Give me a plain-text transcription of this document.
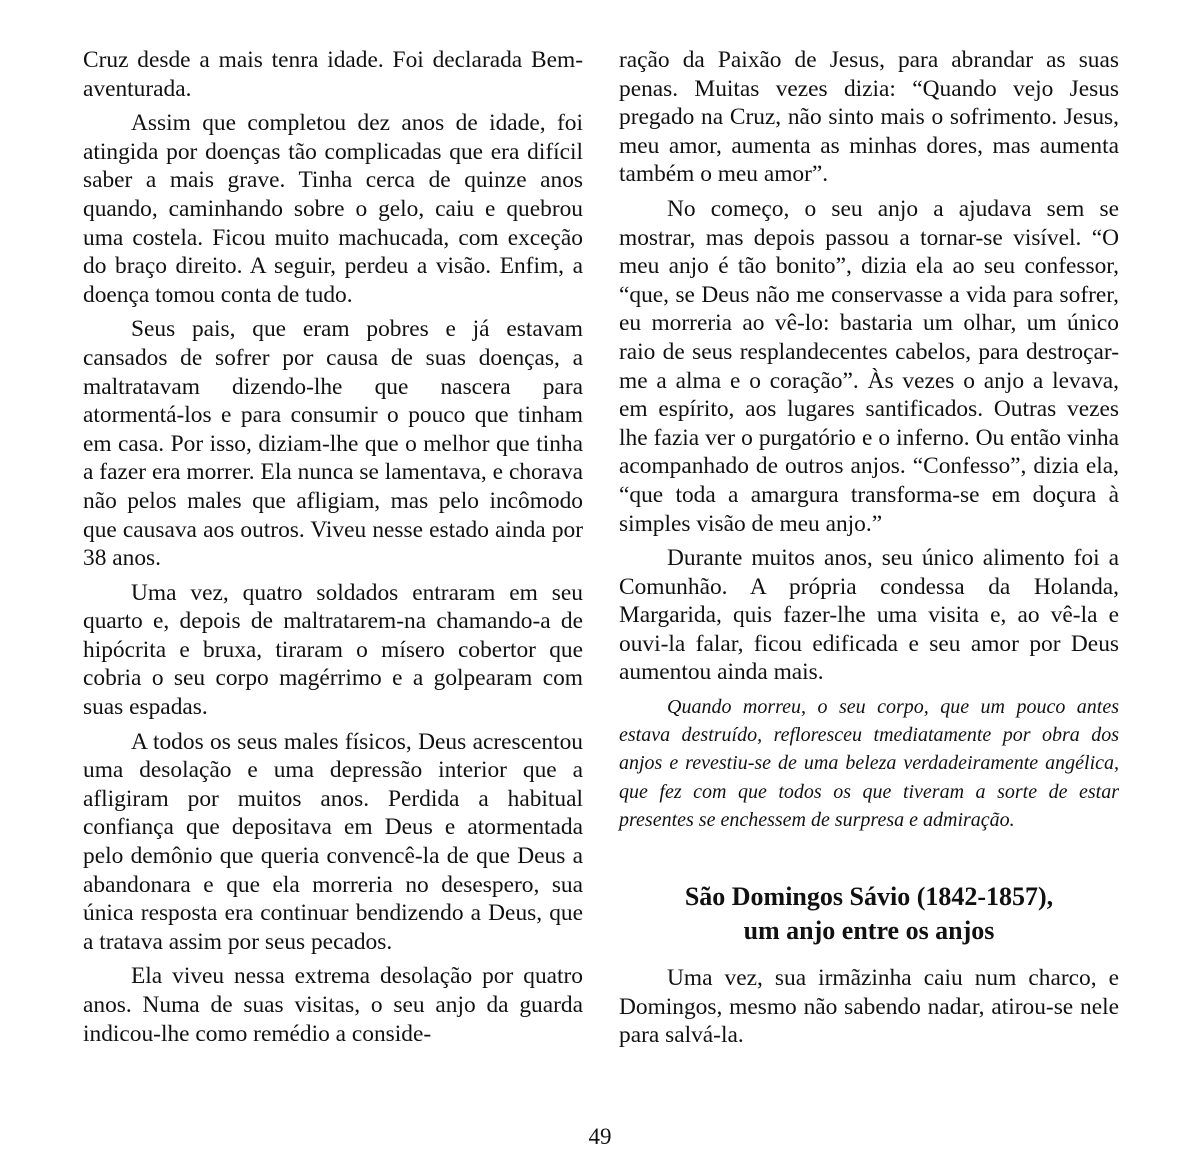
Cruz desde a mais tenra idade. Foi declarada Bem-aventurada.

Assim que completou dez anos de idade, foi atingida por doenças tão complicadas que era difícil saber a mais grave. Tinha cerca de quinze anos quando, caminhando sobre o gelo, caiu e quebrou uma costela. Ficou muito machucada, com exceção do braço direito. A seguir, perdeu a visão. Enfim, a doença tomou conta de tudo.

Seus pais, que eram pobres e já estavam cansados de sofrer por causa de suas doenças, a maltratavam dizendo-lhe que nascera para atormentá-los e para consumir o pouco que tinham em casa. Por isso, diziam-lhe que o melhor que tinha a fazer era morrer. Ela nunca se lamentava, e chorava não pelos males que afligiam, mas pelo incômodo que causava aos outros. Viveu nesse estado ainda por 38 anos.

Uma vez, quatro soldados entraram em seu quarto e, depois de maltratarem-na chamando-a de hipócrita e bruxa, tiraram o mísero cobertor que cobria o seu corpo magérrimo e a golpearam com suas espadas.

A todos os seus males físicos, Deus acrescentou uma desolação e uma depressão interior que a afligiram por muitos anos. Perdida a habitual confiança que depositava em Deus e atormentada pelo demônio que queria convencê-la de que Deus a abandonara e que ela morreria no desespero, sua única resposta era continuar bendizendo a Deus, que a tratava assim por seus pecados.

Ela viveu nessa extrema desolação por quatro anos. Numa de suas visitas, o seu anjo da guarda indicou-lhe como remédio a conside-

ração da Paixão de Jesus, para abrandar as suas penas. Muitas vezes dizia: “Quando vejo Jesus pregado na Cruz, não sinto mais o sofrimento. Jesus, meu amor, aumenta as minhas dores, mas aumenta também o meu amor”.

No começo, o seu anjo a ajudava sem se mostrar, mas depois passou a tornar-se visível. “O meu anjo é tão bonito”, dizia ela ao seu confessor, “que, se Deus não me conservasse a vida para sofrer, eu morreria ao vê-lo: bastaria um olhar, um único raio de seus resplandecentes cabelos, para destroçar-me a alma e o coração”. Às vezes o anjo a levava, em espírito, aos lugares santificados. Outras vezes lhe fazia ver o purgatório e o inferno. Ou então vinha acompanhado de outros anjos. “Confesso”, dizia ela, “que toda a amargura transforma-se em doçura à simples visão de meu anjo.”

Durante muitos anos, seu único alimento foi a Comunhão. A própria condessa da Holanda, Margarida, quis fazer-lhe uma visita e, ao vê-la e ouvi-la falar, ficou edificada e seu amor por Deus aumentou ainda mais.

Quando morreu, o seu corpo, que um pouco antes estava destruído, refloresceu tmediatamente por obra dos anjos e revestiu-se de uma beleza verdadeiramente angélica, que fez com que todos os que tiveram a sorte de estar presentes se enchessem de surpresa e admiração.

São Domingos Sávio (1842-1857),
um anjo entre os anjos

Uma vez, sua irmãzinha caiu num charco, e Domingos, mesmo não sabendo nadar, atirou-se nele para salvá-la.

49
